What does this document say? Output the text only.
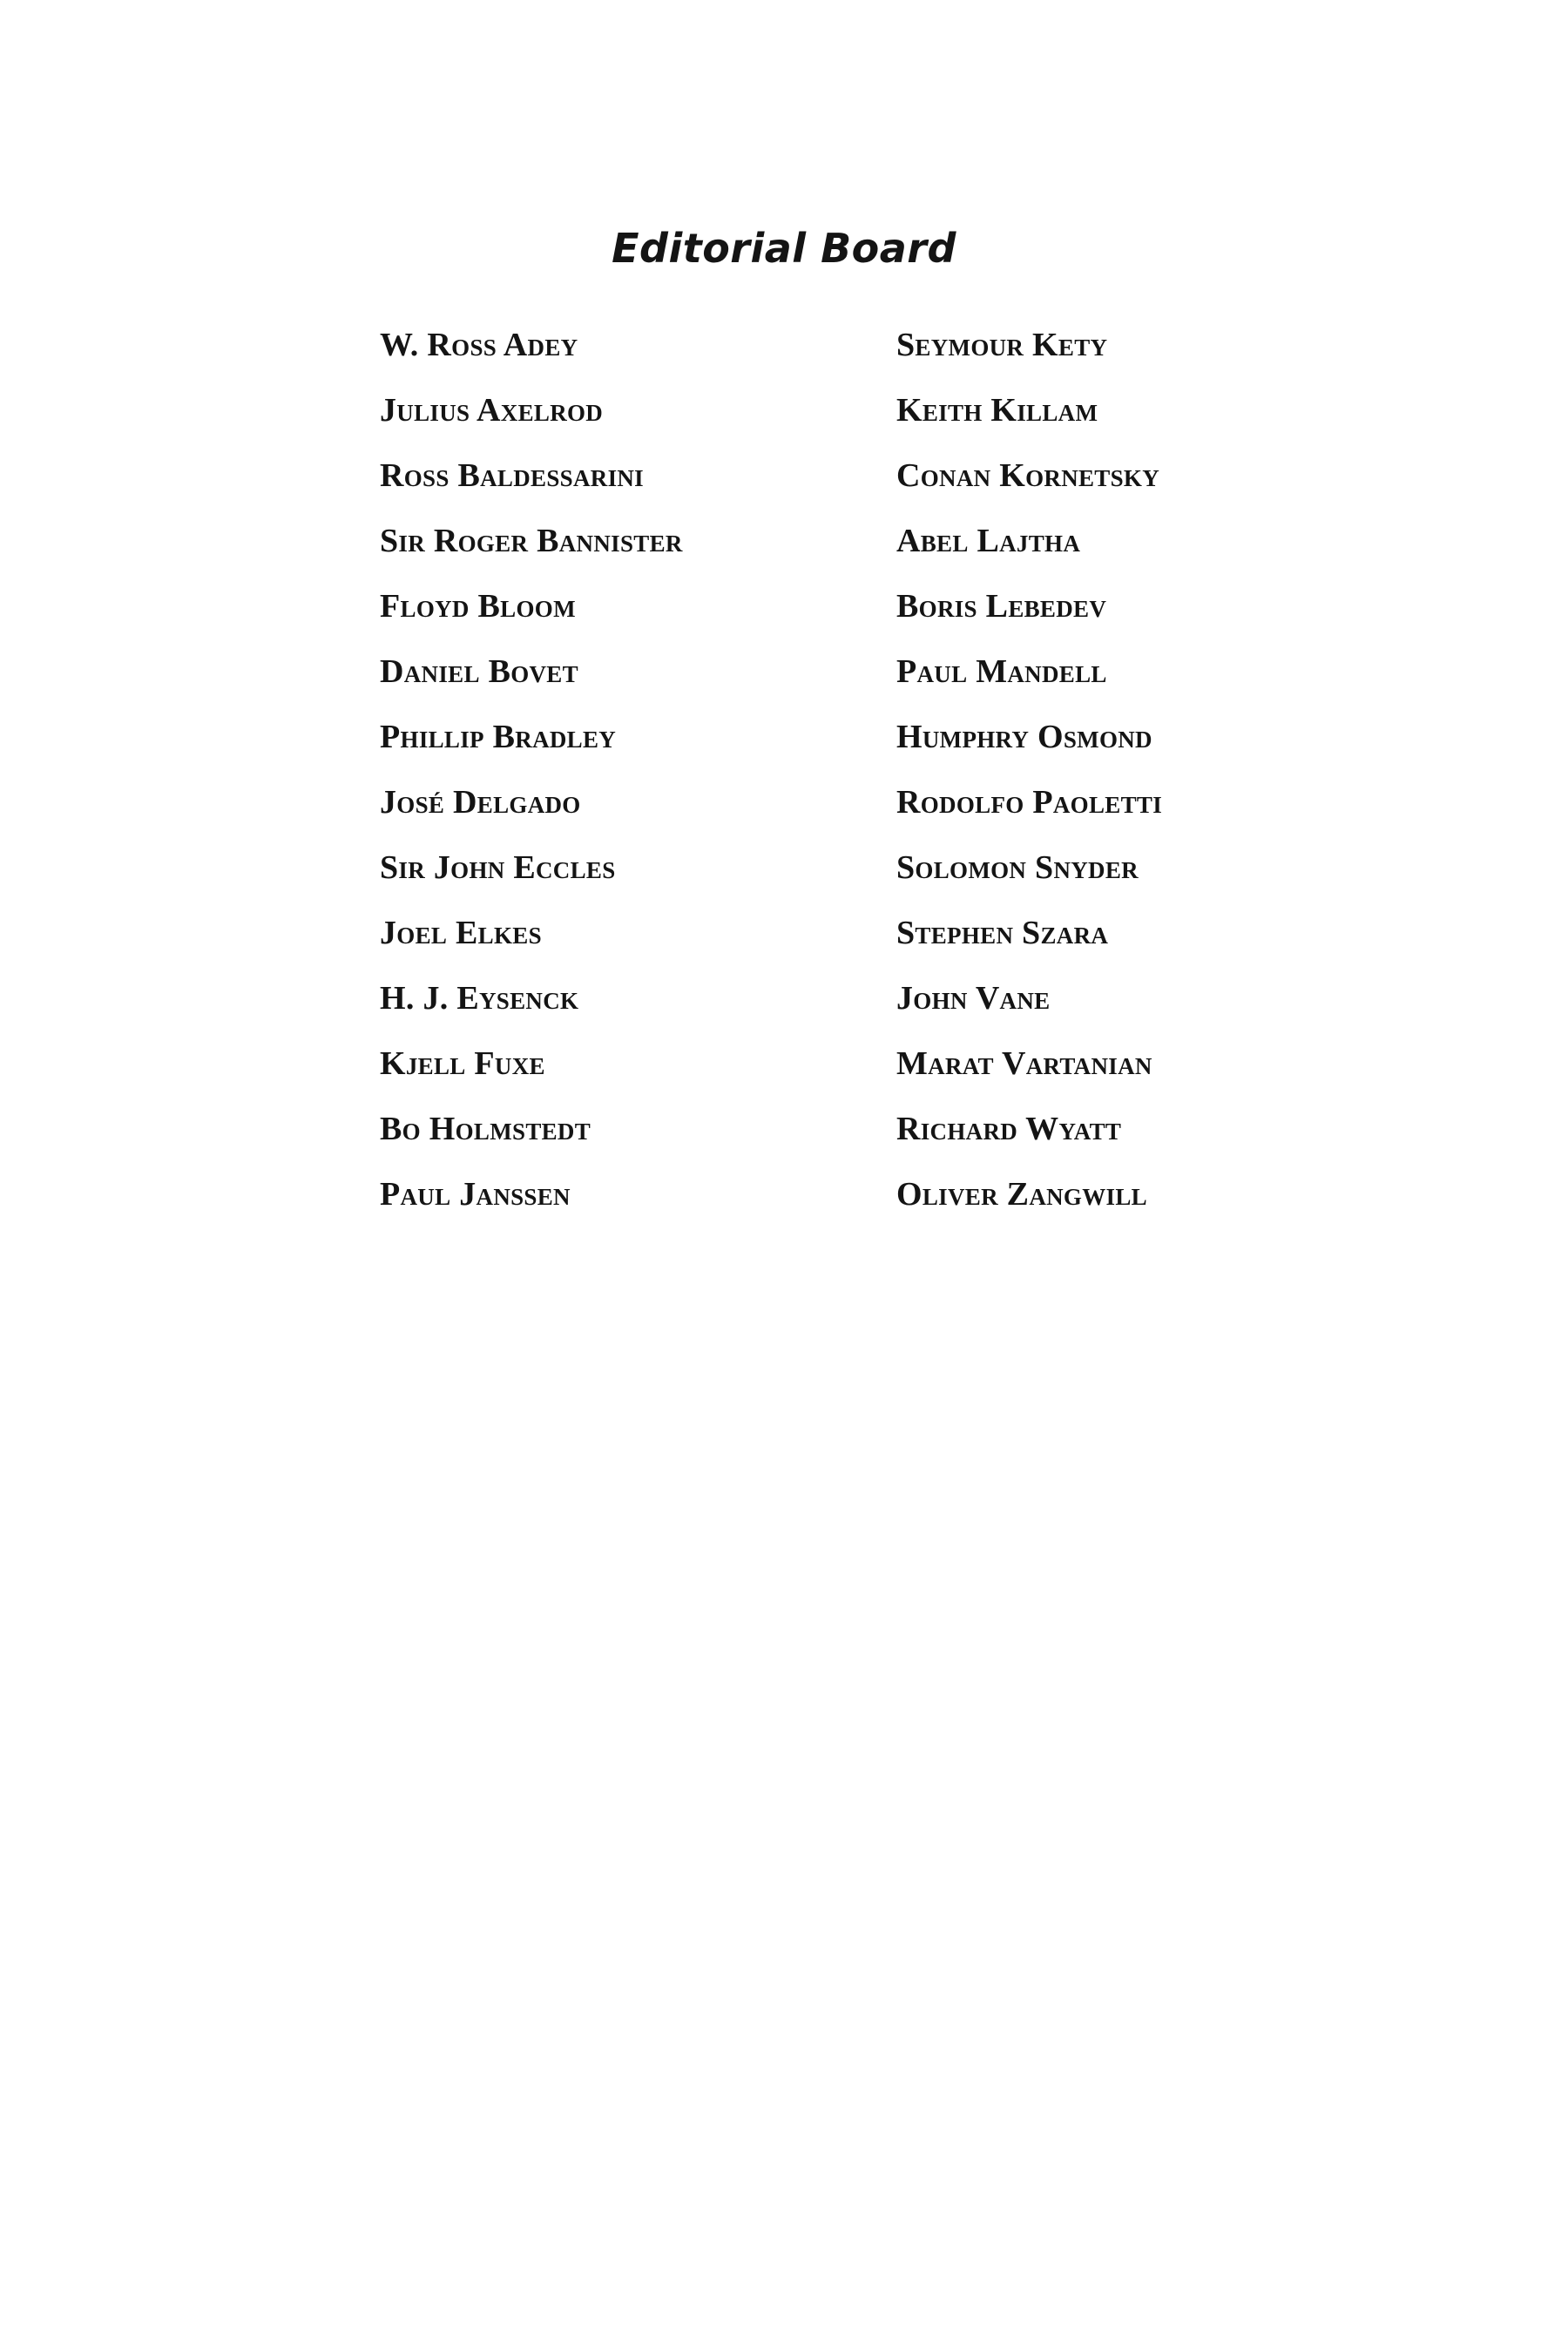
Editorial Board
W. Ross Adey
Julius Axelrod
Ross Baldessarini
Sir Roger Bannister
Floyd Bloom
Daniel Bovet
Phillip Bradley
José Delgado
Sir John Eccles
Joel Elkes
H. J. Eysenck
Kjell Fuxe
Bo Holmstedt
Paul Janssen
Seymour Kety
Keith Killam
Conan Kornetsky
Abel Lajtha
Boris Lebedev
Paul Mandell
Humphry Osmond
Rodolfo Paoletti
Solomon Snyder
Stephen Szara
John Vane
Marat Vartanian
Richard Wyatt
Oliver Zangwill
